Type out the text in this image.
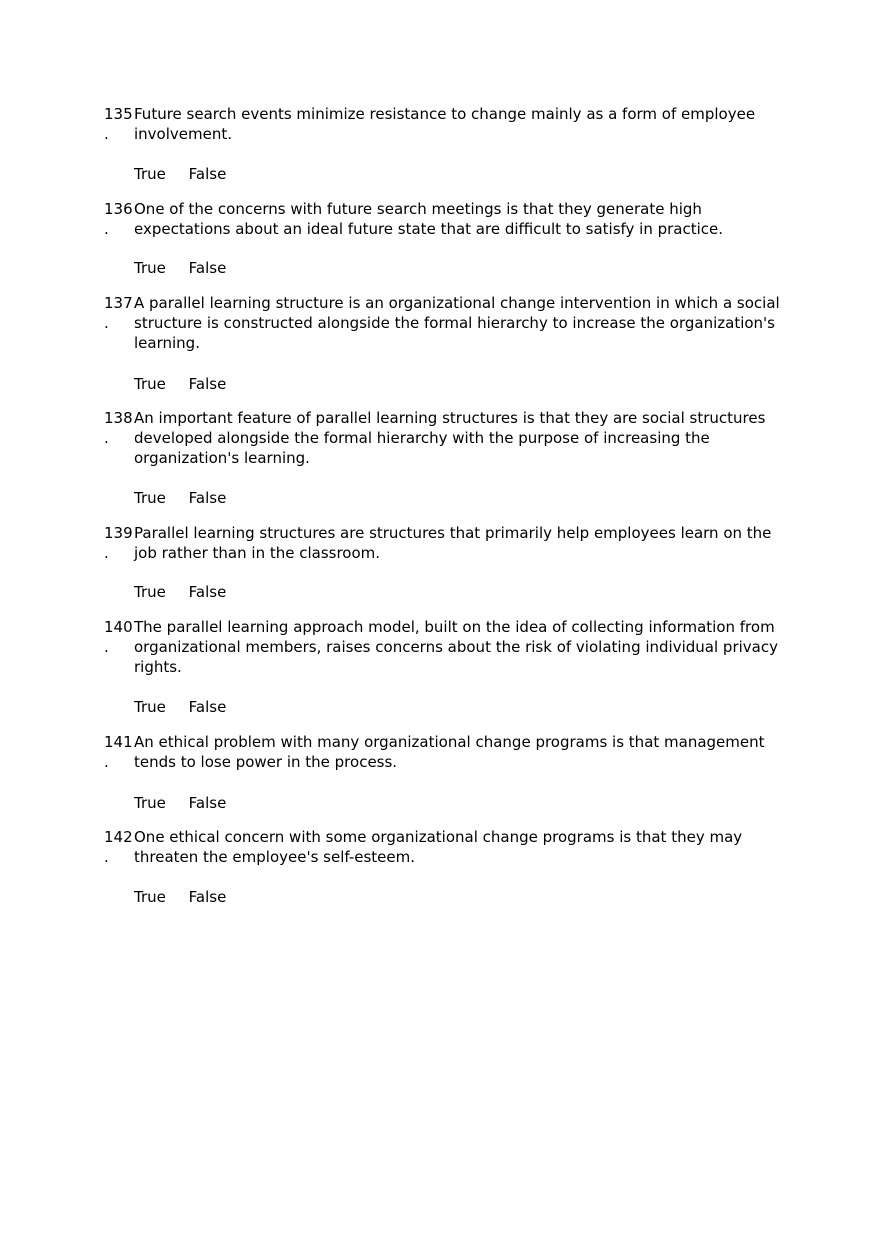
135
.
Future search events minimize resistance to change mainly as a form of employee involvement.
True False
136
.
One of the concerns with future search meetings is that they generate high expectations about an ideal future state that are difﬁcult to satisfy in practice.
True False
137
.
A parallel learning structure is an organizational change intervention in which a social structure is constructed alongside the formal hierarchy to increase the organization's learning.
True False
138
.
An important feature of parallel learning structures is that they are social structures developed alongside the formal hierarchy with the purpose of increasing the organization's learning.
True False
139
.
Parallel learning structures are structures that primarily help employees learn on the job rather than in the classroom.
True False
140
.
The parallel learning approach model, built on the idea of collecting information from organizational members, raises concerns about the risk of violating individual privacy rights.
True False
141
.
An ethical problem with many organizational change programs is that management tends to lose power in the process.
True False
142
.
One ethical concern with some organizational change programs is that they may threaten the employee's self-esteem.
True False
